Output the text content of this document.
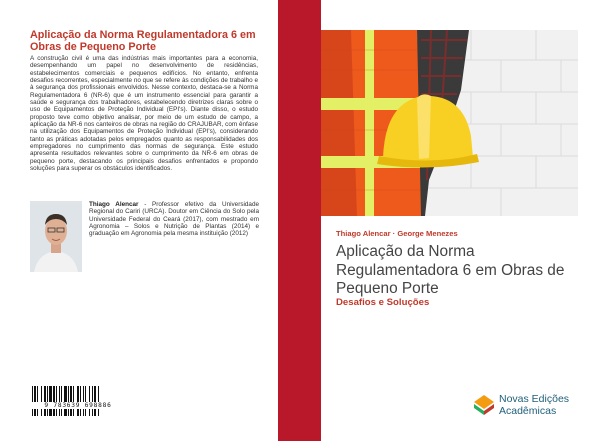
Aplicação da Norma Regulamentadora 6 em Obras de Pequeno Porte

A construção civil é uma das indústrias mais importantes para a economia, desempenhando um papel no desenvolvimento de residências, estabelecimentos comerciais e pequenos edifícios. No entanto, enfrenta desafios recorrentes, especialmente no que se refere às condições de trabalho e à segurança dos profissionais envolvidos. Nesse contexto, destaca-se a Norma Regulamentadora 6 (NR-6) que é um instrumento essencial para garantir a saúde e segurança dos trabalhadores, estabelecendo diretrizes claras sobre o uso de Equipamentos de Proteção Individual (EPI's). Diante disso, o estudo proposto teve como objetivo analisar, por meio de um estudo de campo, a aplicação da NR-6 nos canteiros de obras na região do CRAJUBAR, com ênfase na utilização dos Equipamentos de Proteção Individual (EPI's), considerando tanto as práticas adotadas pelos empregados quanto as responsabilidades dos empregadores no cumprimento das normas de segurança. Este estudo apresenta resultados relevantes sobre o cumprimento da NR-6 em obras de pequeno porte, destacando os principais desafios enfrentados e propondo soluções para superar os obstáculos identificados.

Thiago Alencar - Professor efetivo da Universidade Regional do Cariri (URCA). Doutor em Ciência do Solo pela Universidade Federal do Ceará (2017), com mestrado em Agronomia – Solos e Nutrição de Plantas (2014) e graduação em Agronomia pela mesma instituição (2012)

9 783639 698886
Thiago Alencar · George Menezes
Aplicação da Norma Regulamentadora 6 em Obras de Pequeno Porte
Desafios e Soluções
Novas Edições
Acadêmicas
